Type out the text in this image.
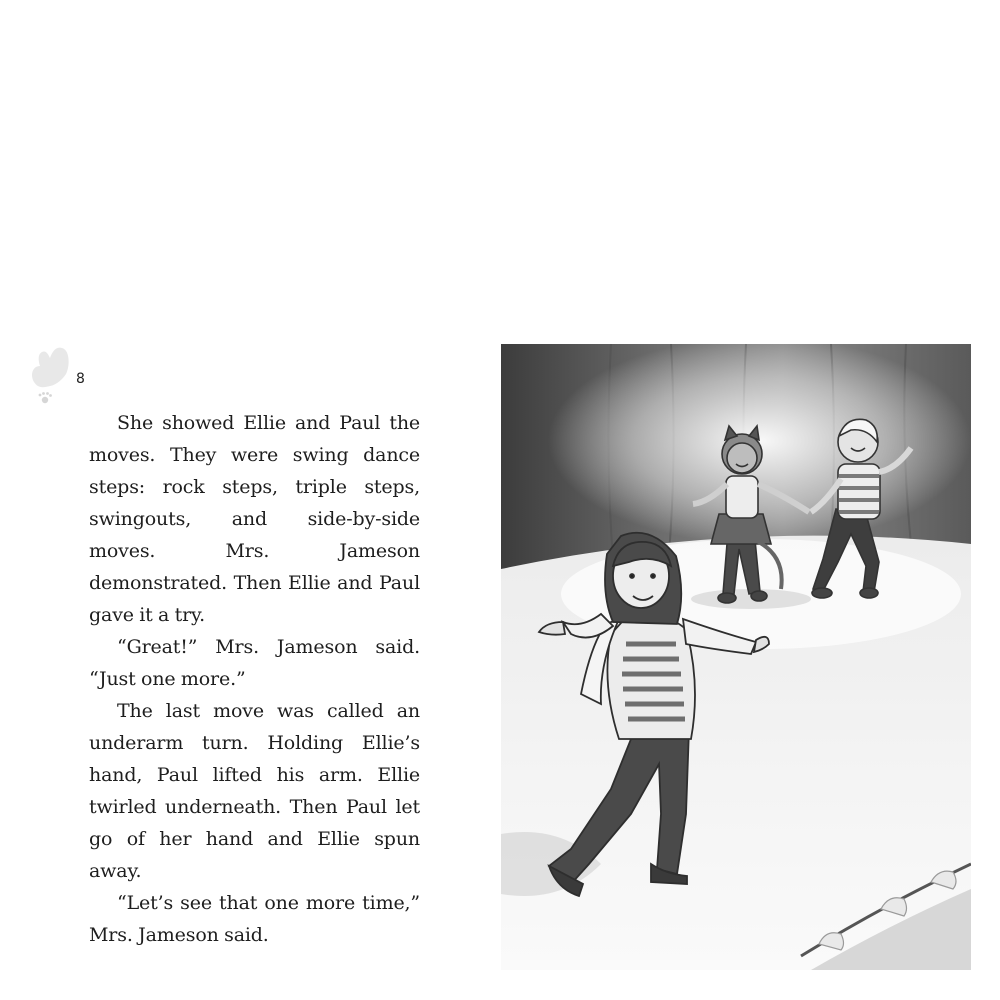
8

She showed Ellie and Paul the moves. They were swing dance steps: rock steps, triple steps, swingouts, and side-by-side moves. Mrs. Jameson demonstrated. Then Ellie and Paul gave it a try.

“Great!” Mrs. Jameson said. “Just one more.”

The last move was called an underarm turn. Holding Ellie’s hand, Paul lifted his arm. Ellie twirled underneath. Then Paul let go of her hand and Ellie spun away.

“Let’s see that one more time,” Mrs. Jameson said.
